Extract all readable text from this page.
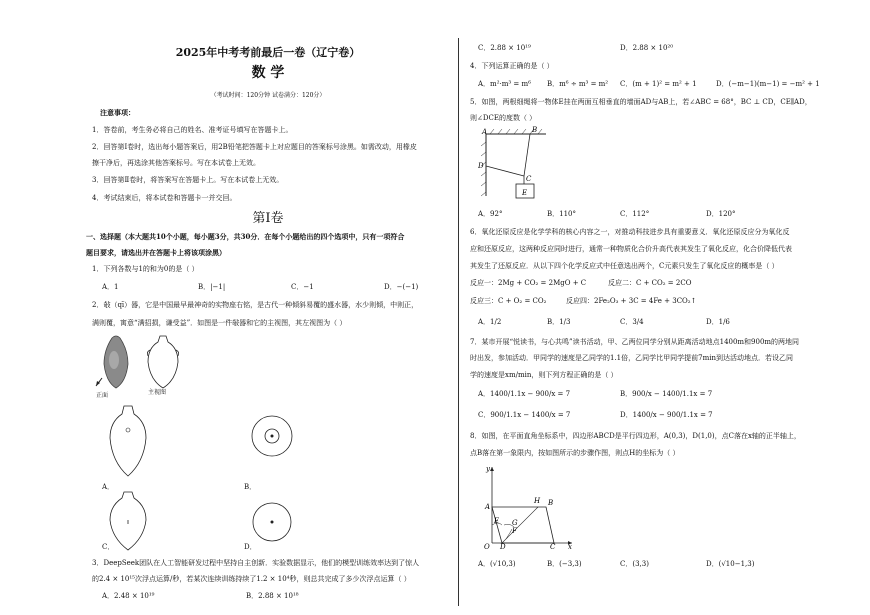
2025年中考考前最后一卷（辽宁卷）
数 学
（考试时间：120分钟 试卷满分：120分）
注意事项：
1．答卷前，考生务必将自己的姓名、准考证号填写在答题卡上。
2．回答第Ⅰ卷时，选出每小题答案后，用2B铅笔把答题卡上对应题目的答案标号涂黑。如需改动，用橡皮
擦干净后，再选涂其他答案标号。写在本试卷上无效。
3．回答第Ⅱ卷时，将答案写在答题卡上。写在本试卷上无效。
4．考试结束后，将本试卷和答题卡一并交回。
第Ⅰ卷
一、选择题（本大题共10个小题，每小题3分，共30分．在每个小题给出的四个选项中，只有一项符合
题目要求，请选出并在答题卡上将该项涂黑）
1．下列各数与1的和为0的是（ ）
A．1	B．|−1|	C．−1	D．−(−1)
2．敧（qī）器，它是中国最早最神奇的实物座右铭，是古代一种倾斜易覆的盛水器，水少则倾，中则正，
满则覆，寓意“满招损，谦受益”．如图是一件敧器和它的主视图，其左视图为（ ）
正面	主视图
A．	B．
C．	D．
3．DeepSeek团队在人工智能研发过程中坚持自主创新．实验数据显示，他们的模型训练效率达到了惊人
的2.4 × 10¹⁵次浮点运算/秒，若某次连续训练持续了1.2 × 10⁴秒，则总共完成了多少次浮点运算（ ）
A．2.48 × 10¹⁹	B．2.88 × 10¹⁸
C．2.88 × 10¹⁹	D．2.88 × 10²⁰
4．下列运算正确的是（ ）
A．m²·m³ = m⁶ B．m⁶ ÷ m³ = m² C．(m + 1)² = m² + 1	D．(−m−1)(m−1) = −m² + 1
5．如图，两根细绳将一物体E挂在两面互相垂直的墙面AD与AB上，若∠ABC = 68°，BC ⊥ CD，CE∥AD，
则∠DCE的度数（ ）
A	B
C
D
E
A．92°	B．110°	C．112°	D．120°
6．氧化还原反应是化学学科的核心内容之一，对推动科技进步具有重要意义．氧化还原反应分为氧化反
应和还原反应，这两种反应同时进行，通常一种物质化合价升高代表其发生了氧化反应，化合价降低代表
其发生了还原反应．从以下四个化学反应式中任意选出两个，C元素只发生了氧化反应的概率是（ ）
反应一：2Mg + CO₂ = 2MgO + C	反应二：C + CO₂ = 2CO
反应三：C + O₂ = CO₂	反应四：2Fe₂O₃ + 3C = 4Fe + 3CO₂↑
A．1/2	B．1/3	C．3/4	D．1/6
7．某市开展“悦读书，与心共鸣”读书活动，甲、乙两位同学分别从距离活动地点1400m和900m的两地同
时出发，参加活动．甲同学的速度是乙同学的1.1倍，乙同学比甲同学提前7min到达活动地点．若设乙同
学的速度是xm/min，则下列方程正确的是（ ）
A．1400/1.1x − 900/x = 7	B．900/x − 1400/1.1x = 7
C．900/1.1x − 1400/x = 7	D．1400/x − 900/1.1x = 7
8．如图，在平面直角坐标系中，四边形ABCD是平行四边形，A(0,3)，D(1,0)，点C落在x轴的正半轴上，
点B落在第一象限内，按如图所示的步骤作图，则点H的坐标为（ ）
y
A
H B
E G
F
O D	C x
A．(√10,3)	B．(−3,3)	C．(3,3)	D．(√10−1,3)
